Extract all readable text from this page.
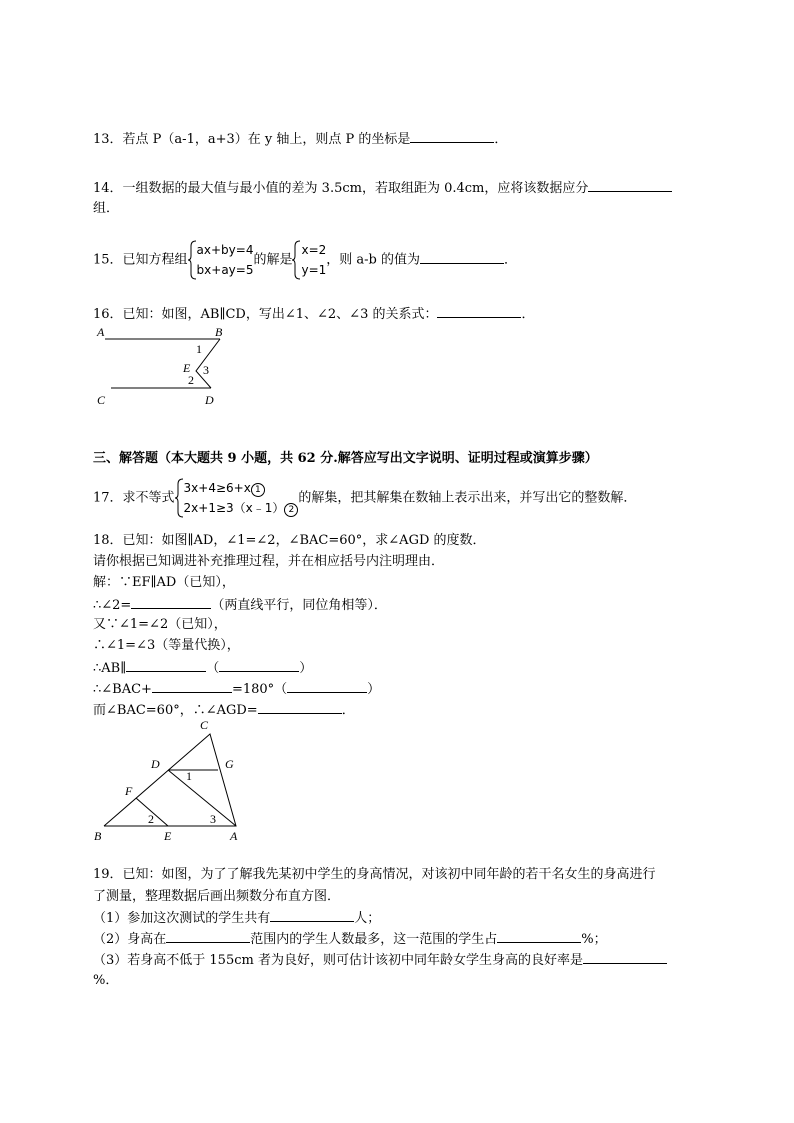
13．若点 P（a-1，a+3）在 y 轴上，则点 P 的坐标是	．
14．一组数据的最大值与最小值的差为 3.5cm，若取组距为 0.4cm，应将该数据应分
组．
15．已知方程组
ax+by=4
bx+ay=5
的解是
x=2
y=1
，则 a-b 的值为	．
16．已知：如图，AB∥CD，写出∠1、∠2、∠3 的关系式：	．
A	B
C	D
E
1
2
3
三、解答题（本大题共 9 小题，共 62 分.解答应写出文字说明、证明过程或演算步骤）
17．求不等式
3x+4≥6+x 1
2x+1≥3（x﹣1） 2
的解集，把其解集在数轴上表示出来，并写出它的整数解．
18．已知：如图∥AD，∠1=∠2，∠BAC=60°，求∠AGD 的度数．
请你根据已知调进补充推理过程，并在相应括号内注明理由．
解：∵EF∥AD（已知），
∴∠2=	（两直线平行，同位角相等）．
又∵∠1=∠2（已知），
∴∠1=∠3（等量代换），
∴AB∥	（	）
∴∠BAC+	=180°（	）
而∠BAC=60°，∴∠AGD=	．
C
D	G
F
B	E	A
1
2	3
19．已知：如图，为了了解我先某初中学生的身高情况，对该初中同年龄的若干名女生的身高进行
了测量，整理数据后画出频数分布直方图．
（1）参加这次测试的学生共有	人；
（2）身高在	范围内的学生人数最多，这一范围的学生占	%；
（3）若身高不低于 155cm 者为良好，则可估计该初中同年龄女学生身高的良好率是
%．
